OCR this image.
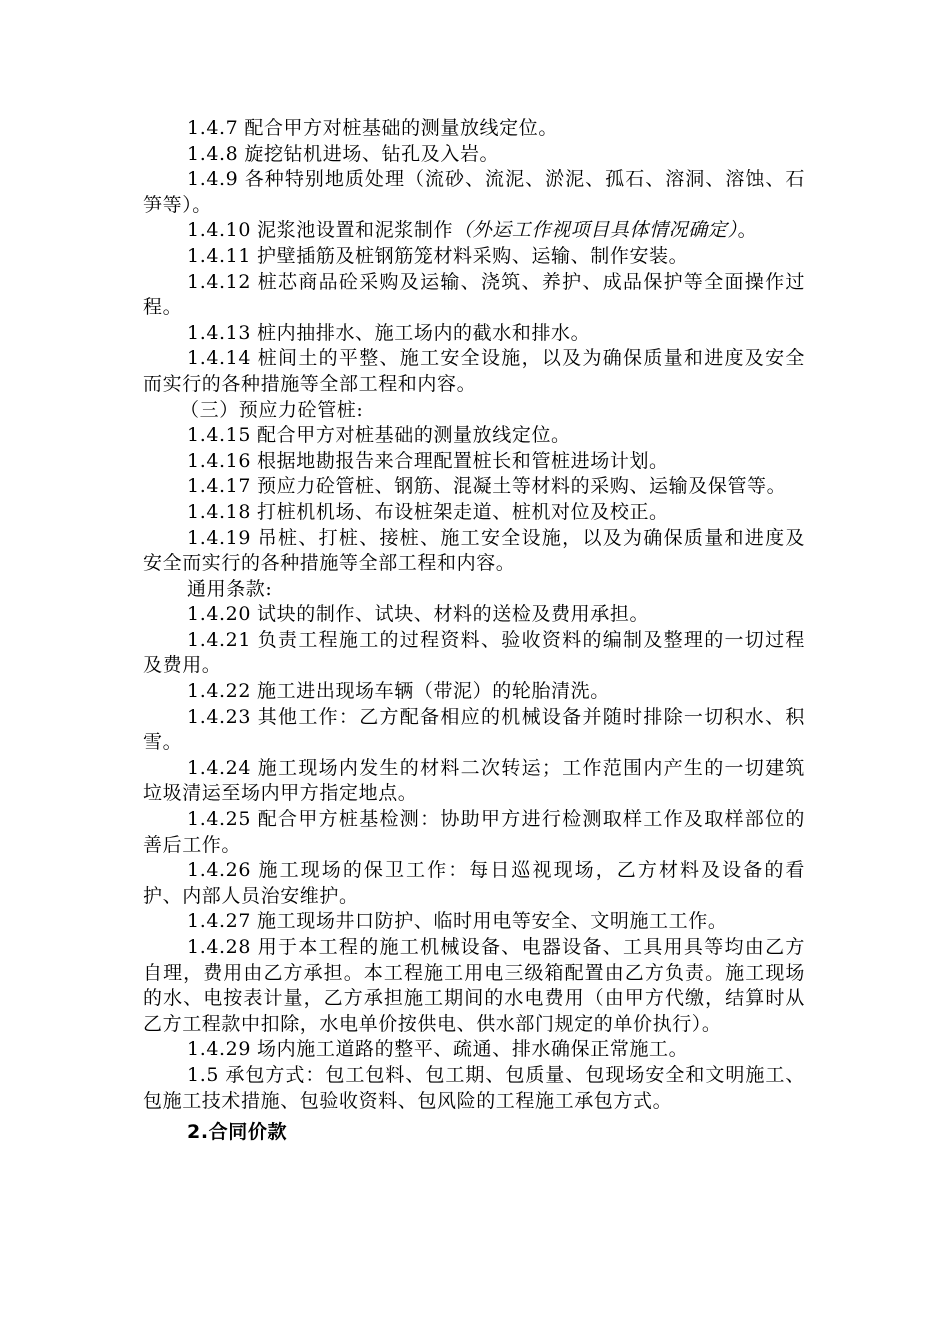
1.4.7 配合甲方对桩基础的测量放线定位。

1.4.8 旋挖钻机进场、钻孔及入岩。

1.4.9 各种特别地质处理（流砂、流泥、淤泥、孤石、溶洞、溶蚀、石笋等）。

1.4.10 泥浆池设置和泥浆制作（外运工作视项目具体情况确定）。

1.4.11 护壁插筋及桩钢筋笼材料采购、运输、制作安装。

1.4.12 桩芯商品砼采购及运输、浇筑、养护、成品保护等全面操作过程。

1.4.13 桩内抽排水、施工场内的截水和排水。

1.4.14 桩间土的平整、施工安全设施，以及为确保质量和进度及安全而实行的各种措施等全部工程和内容。

（三）预应力砼管桩:

1.4.15 配合甲方对桩基础的测量放线定位。

1.4.16 根据地勘报告来合理配置桩长和管桩进场计划。

1.4.17 预应力砼管桩、钢筋、混凝土等材料的采购、运输及保管等。

1.4.18 打桩机机场、布设桩架走道、桩机对位及校正。

1.4.19 吊桩、打桩、接桩、施工安全设施，以及为确保质量和进度及安全而实行的各种措施等全部工程和内容。

通用条款:

1.4.20 试块的制作、试块、材料的送检及费用承担。

1.4.21 负责工程施工的过程资料、验收资料的编制及整理的一切过程及费用。

1.4.22 施工进出现场车辆（带泥）的轮胎清洗。

1.4.23 其他工作：乙方配备相应的机械设备并随时排除一切积水、积雪。

1.4.24 施工现场内发生的材料二次转运；工作范围内产生的一切建筑垃圾清运至场内甲方指定地点。

1.4.25 配合甲方桩基检测：协助甲方进行检测取样工作及取样部位的善后工作。

1.4.26 施工现场的保卫工作：每日巡视现场，乙方材料及设备的看护、内部人员治安维护。

1.4.27 施工现场井口防护、临时用电等安全、文明施工工作。

1.4.28 用于本工程的施工机械设备、电器设备、工具用具等均由乙方自理，费用由乙方承担。本工程施工用电三级箱配置由乙方负责。施工现场的水、电按表计量，乙方承担施工期间的水电费用（由甲方代缴，结算时从乙方工程款中扣除，水电单价按供电、供水部门规定的单价执行）。

1.4.29 场内施工道路的整平、疏通、排水确保正常施工。

1.5 承包方式：包工包料、包工期、包质量、包现场安全和文明施工、包施工技术措施、包验收资料、包风险的工程施工承包方式。

2.合同价款
